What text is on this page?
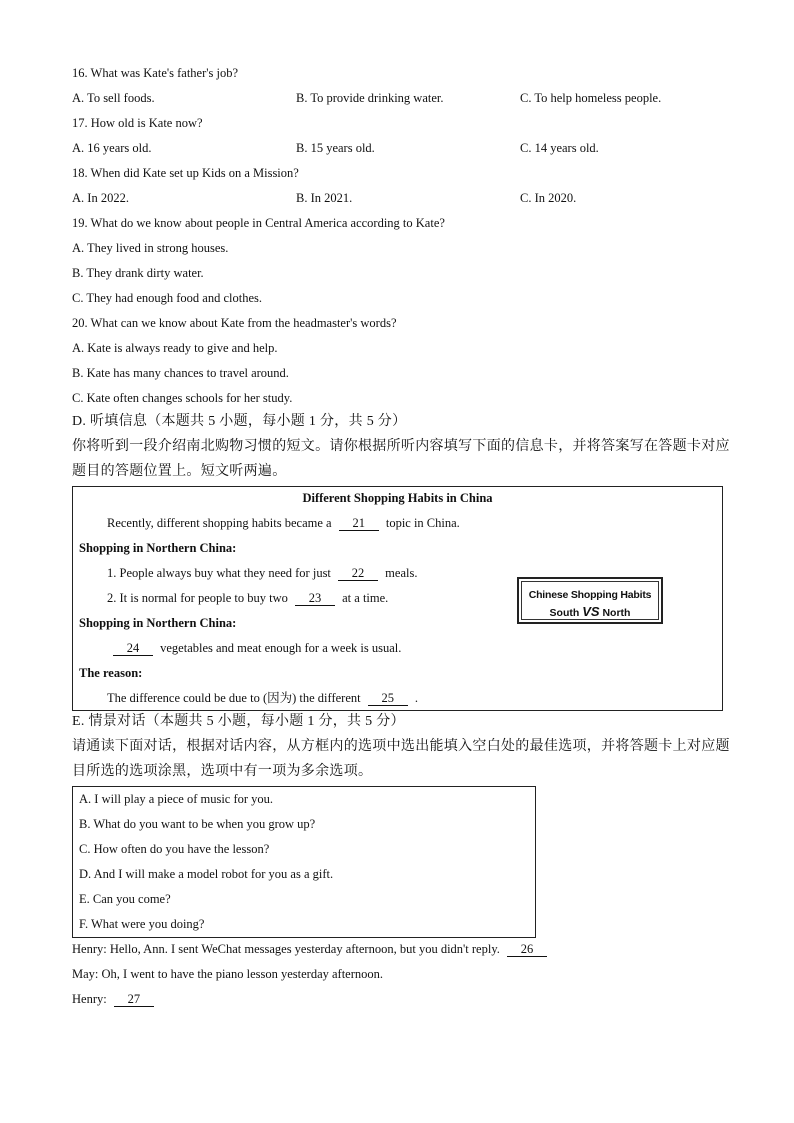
16. What was Kate's father's job?
A. To sell foods.	B. To provide drinking water.	C. To help homeless people.
17. How old is Kate now?
A. 16 years old.	B. 15 years old.	C. 14 years old.
18. When did Kate set up Kids on a Mission?
A. In 2022.	B. In 2021.	C. In 2020.
19. What do we know about people in Central America according to Kate?
A. They lived in strong houses.
B. They drank dirty water.
C. They had enough food and clothes.
20. What can we know about Kate from the headmaster's words?
A. Kate is always ready to give and help.
B. Kate has many chances to travel around.
C. Kate often changes schools for her study.
D. 听填信息（本题共 5 小题，每小题 1 分，共 5 分）
你将听到一段介绍南北购物习惯的短文。请你根据所听内容填写下面的信息卡，并将答案写在答题卡对应
题目的答题位置上。短文听两遍。
Different Shopping Habits in China
Recently, different shopping habits became a 21 topic in China.
Shopping in Northern China:
1. People always buy what they need for just 22 meals.
2. It is normal for people to buy two 23 at a time.
Shopping in Northern China:
24 vegetables and meat enough for a week is usual.
The reason:
The difference could be due to (因为) the different 25 .
Chinese Shopping Habits
South VS North
E. 情景对话（本题共 5 小题，每小题 1 分，共 5 分）
请通读下面对话，根据对话内容，从方框内的选项中选出能填入空白处的最佳选项，并将答题卡上对应题
目所选的选项涂黑，选项中有一项为多余选项。
A. I will play a piece of music for you.
B. What do you want to be when you grow up?
C. How often do you have the lesson?
D. And I will make a model robot for you as a gift.
E. Can you come?
F. What were you doing?
Henry: Hello, Ann. I sent WeChat messages yesterday afternoon, but you didn't reply. 26
May: Oh, I went to have the piano lesson yesterday afternoon.
Henry: 27
